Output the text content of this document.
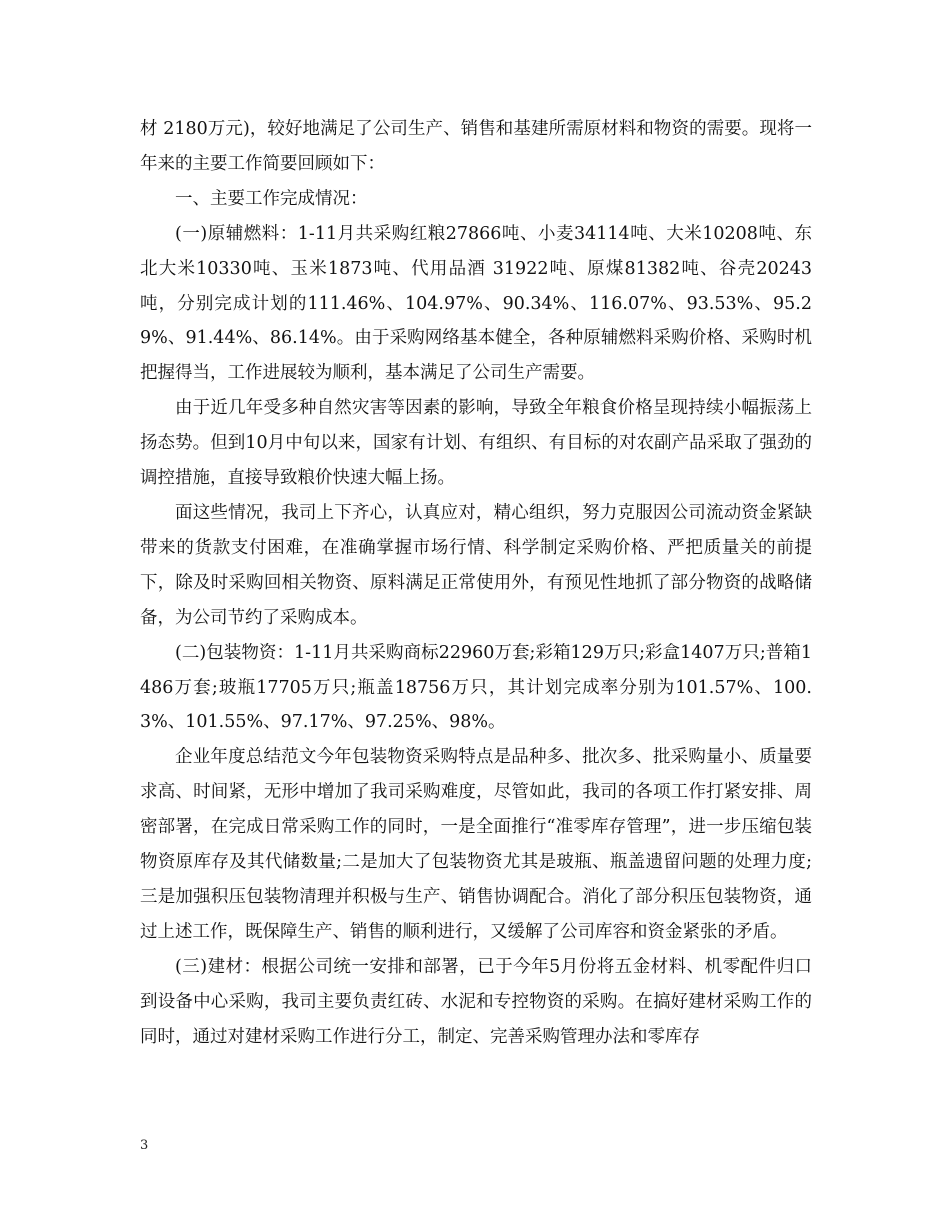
材 2180万元)，较好地满足了公司生产、销售和基建所需原材料和物资的需要。现将一年来的主要工作简要回顾如下：

一、主要工作完成情况：

(一)原辅燃料：1-11月共采购红粮27866吨、小麦34114吨、大米10208吨、东北大米10330吨、玉米1873吨、代用品酒 31922吨、原煤81382吨、谷壳20243吨，分别完成计划的111.46%、104.97%、90.34%、116.07%、93.53%、95.29%、91.44%、86.14%。由于采购网络基本健全，各种原辅燃料采购价格、采购时机把握得当，工作进展较为顺利，基本满足了公司生产需要。

由于近几年受多种自然灾害等因素的影响，导致全年粮食价格呈现持续小幅振荡上扬态势。但到10月中旬以来，国家有计划、有组织、有目标的对农副产品采取了强劲的调控措施，直接导致粮价快速大幅上扬。

面这些情况，我司上下齐心，认真应对，精心组织，努力克服因公司流动资金紧缺带来的货款支付困难，在准确掌握市场行情、科学制定采购价格、严把质量关的前提下，除及时采购回相关物资、原料满足正常使用外，有预见性地抓了部分物资的战略储备，为公司节约了采购成本。

(二)包装物资：1-11月共采购商标22960万套;彩箱129万只;彩盒1407万只;普箱1486万套;玻瓶17705万只;瓶盖18756万只，其计划完成率分别为101.57%、100.3%、101.55%、97.17%、97.25%、98%。

企业年度总结范文今年包装物资采购特点是品种多、批次多、批采购量小、质量要求高、时间紧，无形中增加了我司采购难度，尽管如此，我司的各项工作打紧安排、周密部署，在完成日常采购工作的同时，一是全面推行“准零库存管理”，进一步压缩包装物资原库存及其代储数量;二是加大了包装物资尤其是玻瓶、瓶盖遗留问题的处理力度;三是加强积压包装物清理并积极与生产、销售协调配合。消化了部分积压包装物资，通过上述工作，既保障生产、销售的顺利进行，又缓解了公司库容和资金紧张的矛盾。

(三)建材：根据公司统一安排和部署，已于今年5月份将五金材料、机零配件归口到设备中心采购，我司主要负责红砖、水泥和专控物资的采购。在搞好建材采购工作的同时，通过对建材采购工作进行分工，制定、完善采购管理办法和零库存

3
